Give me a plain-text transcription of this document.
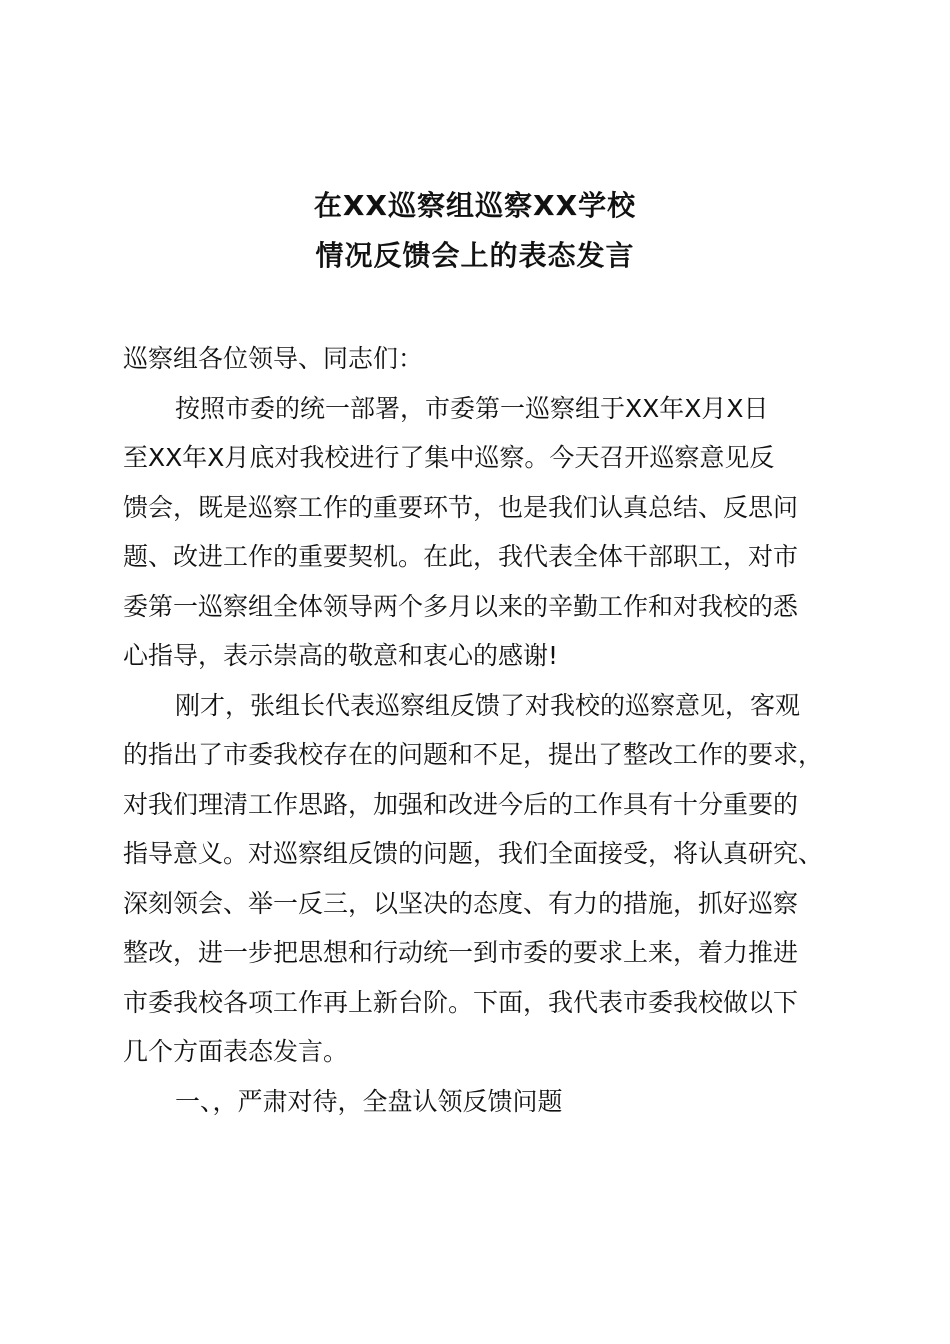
在XX巡察组巡察XX学校
情况反馈会上的表态发言
巡察组各位领导、同志们：
按照市委的统一部署，市委第一巡察组于XX年X月X日
至XX年X月底对我校进行了集中巡察。今天召开巡察意见反
馈会，既是巡察工作的重要环节，也是我们认真总结、反思问
题、改进工作的重要契机。在此，我代表全体干部职工，对市
委第一巡察组全体领导两个多月以来的辛勤工作和对我校的悉
心指导，表示崇高的敬意和衷心的感谢!
刚才，张组长代表巡察组反馈了对我校的巡察意见，客观
的指出了市委我校存在的问题和不足，提出了整改工作的要求，
对我们理清工作思路，加强和改进今后的工作具有十分重要的
指导意义。对巡察组反馈的问题，我们全面接受，将认真研究、
深刻领会、举一反三，以坚决的态度、有力的措施，抓好巡察
整改，进一步把思想和行动统一到市委的要求上来，着力推进
市委我校各项工作再上新台阶。下面，我代表市委我校做以下
几个方面表态发言。
一、，严肃对待，全盘认领反馈问题
